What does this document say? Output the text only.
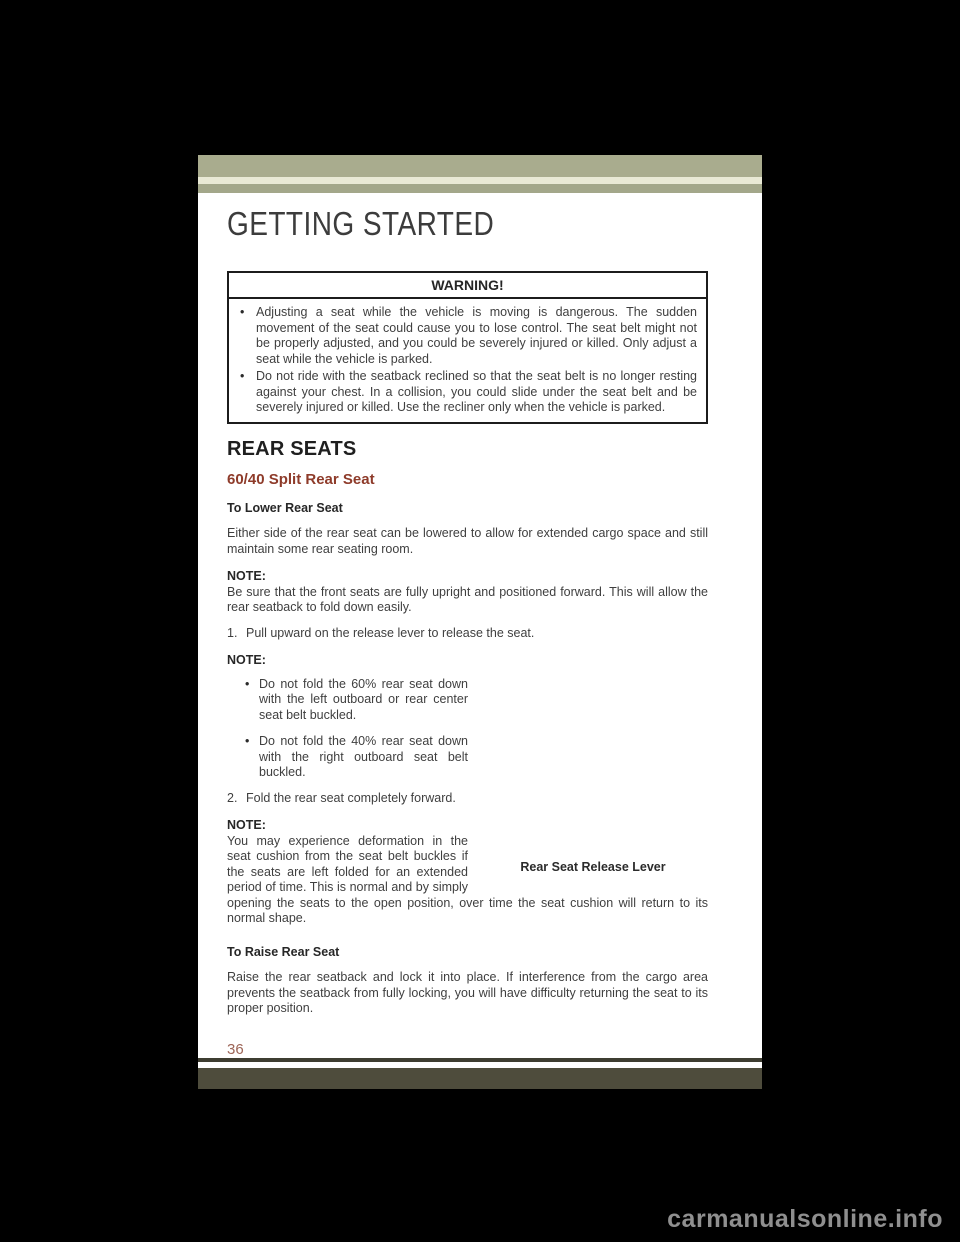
GETTING STARTED
WARNING!
• Adjusting a seat while the vehicle is moving is dangerous. The sudden movement of the seat could cause you to lose control. The seat belt might not be properly adjusted, and you could be severely injured or killed. Only adjust a seat while the vehicle is parked.
• Do not ride with the seatback reclined so that the seat belt is no longer resting against your chest. In a collision, you could slide under the seat belt and be severely injured or killed. Use the recliner only when the vehicle is parked.
REAR SEATS
60/40 Split Rear Seat
To Lower Rear Seat

Either side of the rear seat can be lowered to allow for extended cargo space and still maintain some rear seating room.

NOTE:

Be sure that the front seats are fully upright and positioned forward. This will allow the rear seatback to fold down easily.

1. Pull upward on the release lever to release the seat.
Rear Seat Release Lever
NOTE:
• Do not fold the 60% rear seat down with the left outboard or rear center seat belt buckled.
• Do not fold the 40% rear seat down with the right outboard seat belt buckled.
2. Fold the rear seat completely forward.
NOTE:

You may experience deformation in the seat cushion from the seat belt buckles if the seats are left folded for an extended period of time. This is normal and by simply opening the seats to the open position, over time the seat cushion will return to its normal shape.

To Raise Rear Seat

Raise the rear seatback and lock it into place. If interference from the cargo area prevents the seatback from fully locking, you will have difficulty returning the seat to its proper position.

36
carmanualsonline.info
